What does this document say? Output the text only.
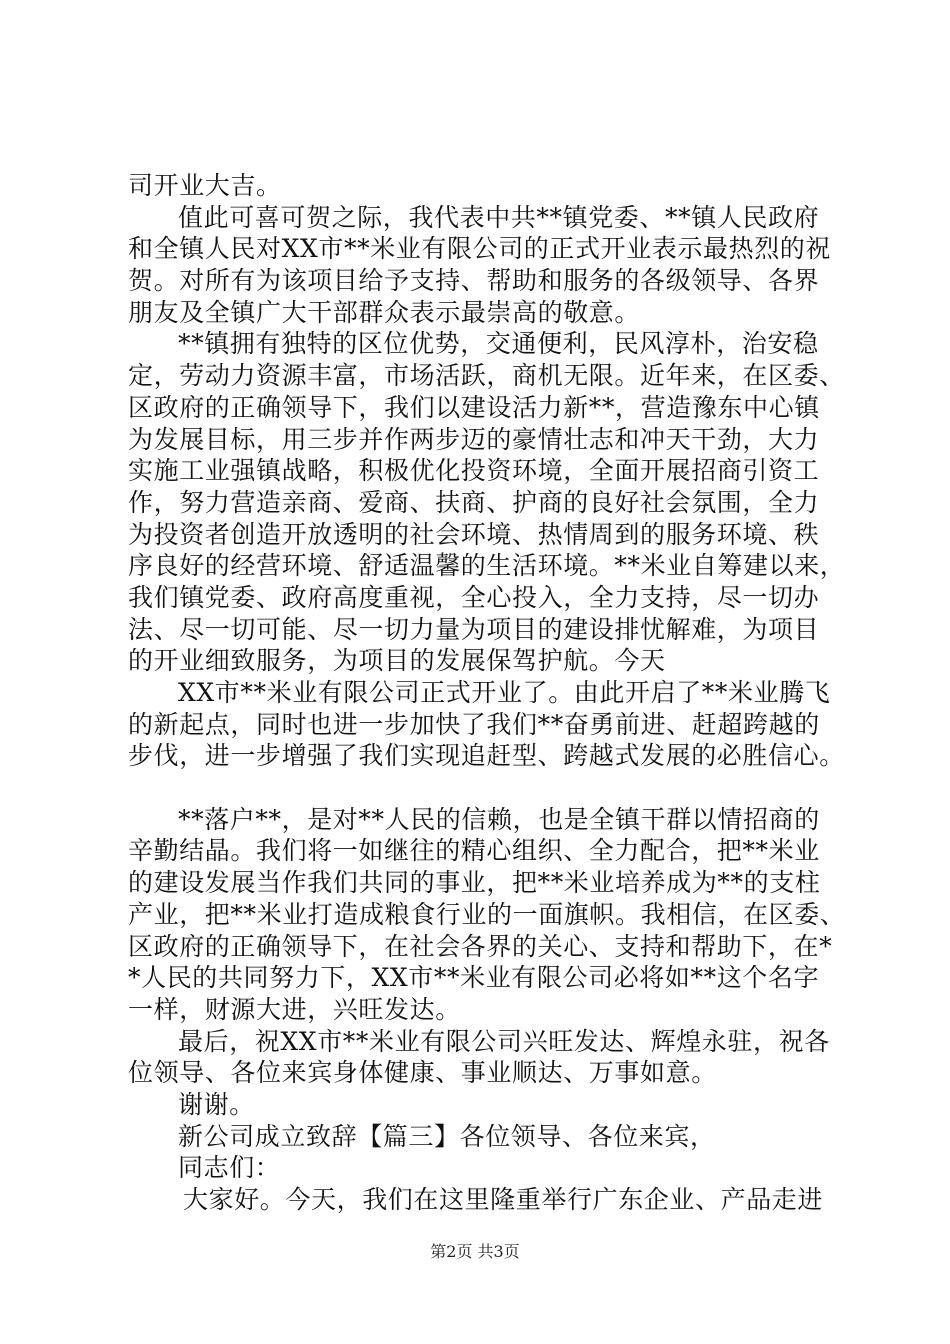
司开业大吉。
值此可喜可贺之际，我代表中共**镇党委、**镇人民政府
和全镇人民对XX市**米业有限公司的正式开业表示最热烈的祝
贺。对所有为该项目给予支持、帮助和服务的各级领导、各界
朋友及全镇广大干部群众表示最崇高的敬意。
**镇拥有独特的区位优势，交通便利，民风淳朴，治安稳
定，劳动力资源丰富，市场活跃，商机无限。近年来，在区委、
区政府的正确领导下，我们以建设活力新**，营造豫东中心镇
为发展目标，用三步并作两步迈的豪情壮志和冲天干劲，大力
实施工业强镇战略，积极优化投资环境，全面开展招商引资工
作，努力营造亲商、爱商、扶商、护商的良好社会氛围，全力
为投资者创造开放透明的社会环境、热情周到的服务环境、秩
序良好的经营环境、舒适温馨的生活环境。**米业自筹建以来，
我们镇党委、政府高度重视，全心投入，全力支持，尽一切办
法、尽一切可能、尽一切力量为项目的建设排忧解难，为项目
的开业细致服务，为项目的发展保驾护航。今天
XX市**米业有限公司正式开业了。由此开启了**米业腾飞
的新起点，同时也进一步加快了我们**奋勇前进、赶超跨越的
步伐，进一步增强了我们实现追赶型、跨越式发展的必胜信心。
**落户**，是对**人民的信赖，也是全镇干群以情招商的
辛勤结晶。我们将一如继往的精心组织、全力配合，把**米业
的建设发展当作我们共同的事业，把**米业培养成为**的支柱
产业，把**米业打造成粮食行业的一面旗帜。我相信，在区委、
区政府的正确领导下，在社会各界的关心、支持和帮助下，在*
*人民的共同努力下，XX市**米业有限公司必将如**这个名字
一样，财源大进，兴旺发达。
最后，祝XX市**米业有限公司兴旺发达、辉煌永驻，祝各
位领导、各位来宾身体健康、事业顺达、万事如意。
谢谢。
新公司成立致辞【篇三】各位领导、各位来宾，
同志们：
大家好。今天，我们在这里隆重举行广东企业、产品走进
第2页 共3页
